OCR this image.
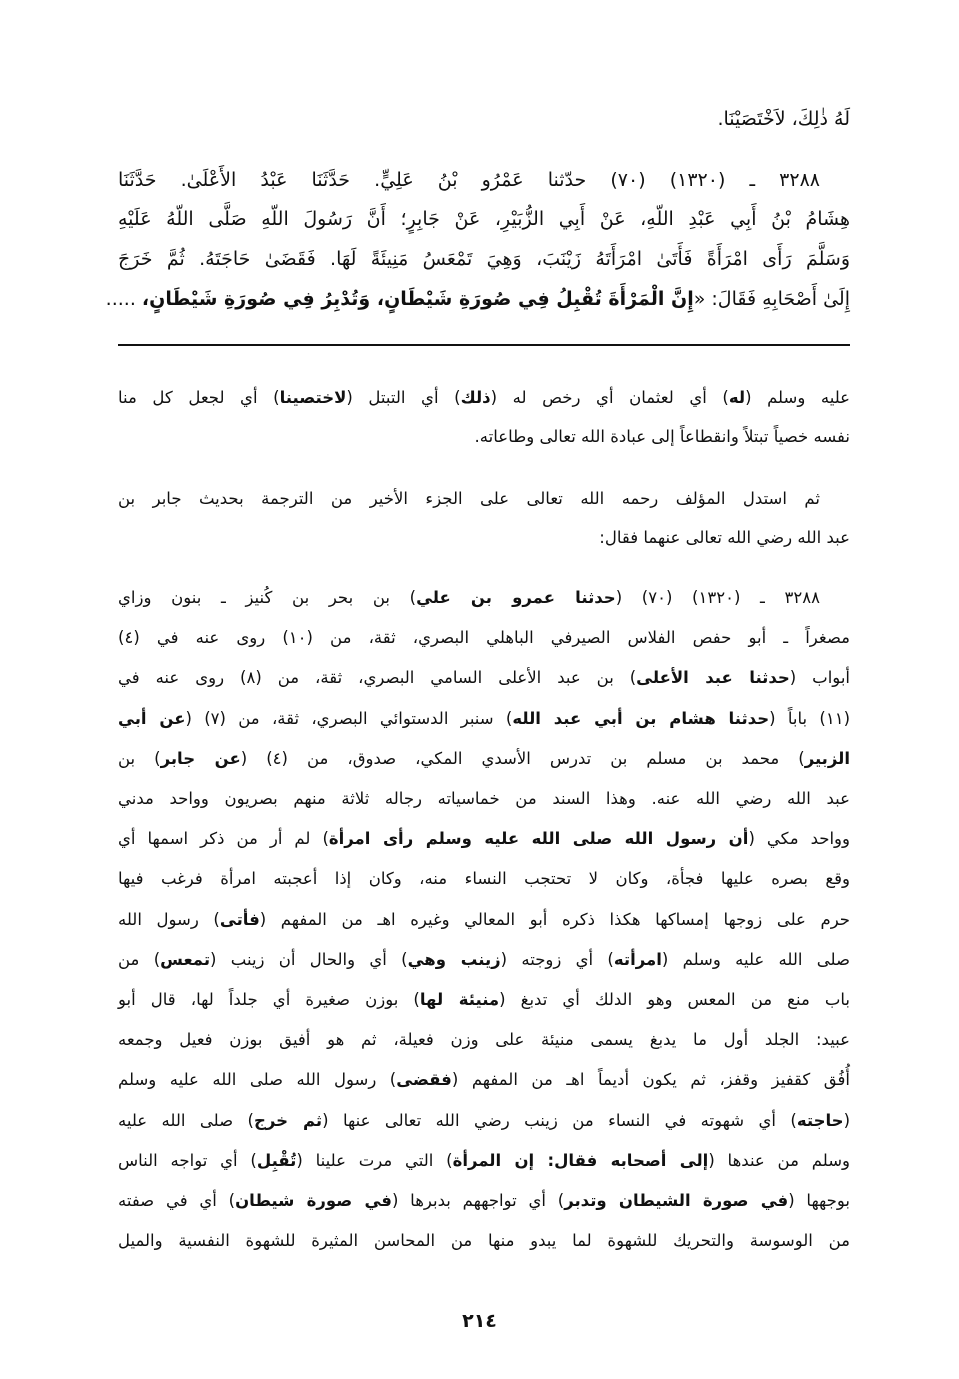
لَهُ ذٰلِكَ، لاَخْتَصَيْنَا.
٣٢٨٨ ـ (١٣٢٠) (٧٠) حدّثنا عَمْرُو بْنُ عَلِيٍّ. حَدَّثَنَا عَبْدُ الأَعْلَىٰ. حَدَّثَنَا
هِشَامُ بْنُ أَبِي عَبْدِ اللّهِ، عَنْ أَبِي الزُّبَيْرِ، عَنْ جَابِرٍ؛ أَنَّ رَسُولَ اللّهِ صَلَّى اللّهُ عَلَيْهِ
وَسَلَّمَ رَأَى امْرَأَةً فَأَتَىٰ امْرَأَتَهُ زَيْنَبَ، وَهِيَ تَمْعَسُ مَنِيئَةً لَهَا. فَقَضَىٰ حَاجَتَهُ. ثُمَّ خَرَجَ
إِلَىٰ أَصْحَابِهِ فَقَالَ: «إِنَّ الْمَرْأَةَ تُقْبِلُ فِي صُورَةِ شَيْطَانٍ، وَتُدْبِرُ فِي صُورَةِ شَيْطَانٍ، .....
عليه وسلم (له) أي لعثمان أي رخص له (ذلك) أي التبتل (لاختصينا) أي لجعل كل منا
نفسه خصياً تبتلاً وانقطاعاً إلى عبادة الله تعالى وطاعاته.
ثم استدل المؤلف رحمه الله تعالى على الجزء الأخير من الترجمة بحديث جابر بن
عبد الله رضي الله تعالى عنهما فقال:
٣٢٨٨ ـ (١٣٢٠) (٧٠) (حدثنا عمرو بن علي) بن بحر بن كُنيز ـ بنون وزاي
مصغراً ـ أبو حفص الفلاس الصيرفي الباهلي البصري، ثقة، من (١٠) روى عنه في (٤)
أبواب (حدثنا عبد الأعلى) بن عبد الأعلى السامي البصري، ثقة، من (٨) روى عنه في
(١١) باباً (حدثنا هشام بن أبي عبد الله) سنبر الدستوائي البصري، ثقة، من (٧) (عن أبي
الزبير) محمد بن مسلم بن تدرس الأسدي المكي، صدوق، من (٤) (عن جابر) بن
عبد الله رضي الله عنه. وهذا السند من خماسياته رجاله ثلاثة منهم بصريون وواحد مدني
وواحد مكي (أن رسول الله صلى الله عليه وسلم رأى امرأة) لم أر من ذكر اسمها أي
وقع بصره عليها فجأة، وكان لا تحتجب النساء منه، وكان إذا أعجبته امرأة فرغب فيها
حرم على زوجها إمساكها هكذا ذكره أبو المعالي وغيره اهـ من المفهم (فأتى) رسول الله
صلى الله عليه وسلم (امرأته) أي زوجته (زينب وهي) أي والحال أن زينب (تمعس) من
باب منع من المعس وهو الدلك أي تدبغ (منيئة لها) بوزن صغيرة أي جلداً لها، قال أبو
عبيد: الجلد أول ما يدبغ يسمى منيئة على وزن فعيلة، ثم هو أفيق بوزن فعيل وجمعه
أُفُق كقفيز وقفز، ثم يكون أديماً اهـ من المفهم (فقضى) رسول الله صلى الله عليه وسلم
(حاجته) أي شهوته في النساء من زينب رضي الله تعالى عنها (ثم خرج) صلى الله عليه
وسلم من عندها (إلى أصحابه فقال: إن المرأة) التي مرت علينا (تُقْبِل) أي تواجه الناس
بوجهها (في صورة الشيطان وتدبر) أي تواجههم بدبرها (في صورة شيطان) أي في صفته
من الوسوسة والتحريك للشهوة لما يبدو منها من المحاسن المثيرة للشهوة النفسية والميل
٢١٤
